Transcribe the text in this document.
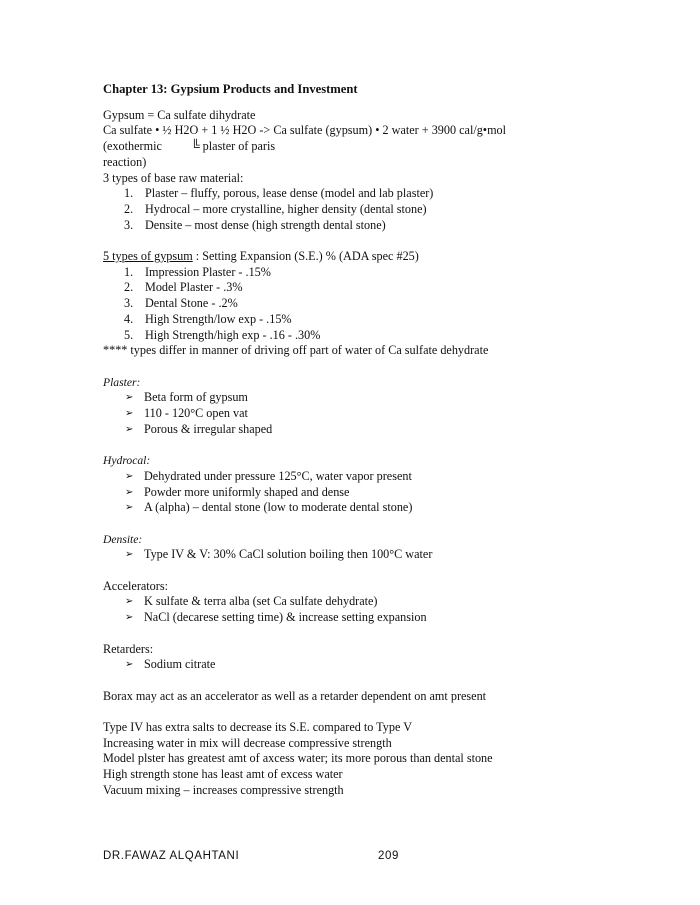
Chapter 13: Gypsium Products and Investment
Gypsum = Ca sulfate dihydrate
Ca sulfate • ½ H2O + 1 ½ H2O -> Ca sulfate (gypsum) • 2 water + 3900 cal/g•mol
(exothermic ╚ plaster of paris
reaction)
3 types of base raw material:
1. Plaster – fluffy, porous, lease dense (model and lab plaster)
2. Hydrocal – more crystalline, higher density (dental stone)
3. Densite – most dense (high strength dental stone)
5 types of gypsum : Setting Expansion (S.E.) % (ADA spec #25)
1. Impression Plaster - .15%
2. Model Plaster - .3%
3. Dental Stone - .2%
4. High Strength/low exp - .15%
5. High Strength/high exp - .16 - .30%
**** types differ in manner of driving off part of water of Ca sulfate dehydrate
Plaster:
➢ Beta form of gypsum
➢ 110 - 120°C open vat
➢ Porous & irregular shaped
Hydrocal:
➢ Dehydrated under pressure 125°C, water vapor present
➢ Powder more uniformly shaped and dense
➢ A (alpha) – dental stone (low to moderate dental stone)
Densite:
➢ Type IV & V: 30% CaCl solution boiling then 100°C water
Accelerators:
➢ K sulfate & terra alba (set Ca sulfate dehydrate)
➢ NaCl (decarese setting time) & increase setting expansion
Retarders:
➢ Sodium citrate
Borax may act as an accelerator as well as a retarder dependent on amt present
Type IV has extra salts to decrease its S.E. compared to Type V
Increasing water in mix will decrease compressive strength
Model plster has greatest amt of axcess water; its more porous than dental stone
High strength stone has least amt of excess water
Vacuum mixing – increases compressive strength
DR.FAWAZ ALQAHTANI	209
